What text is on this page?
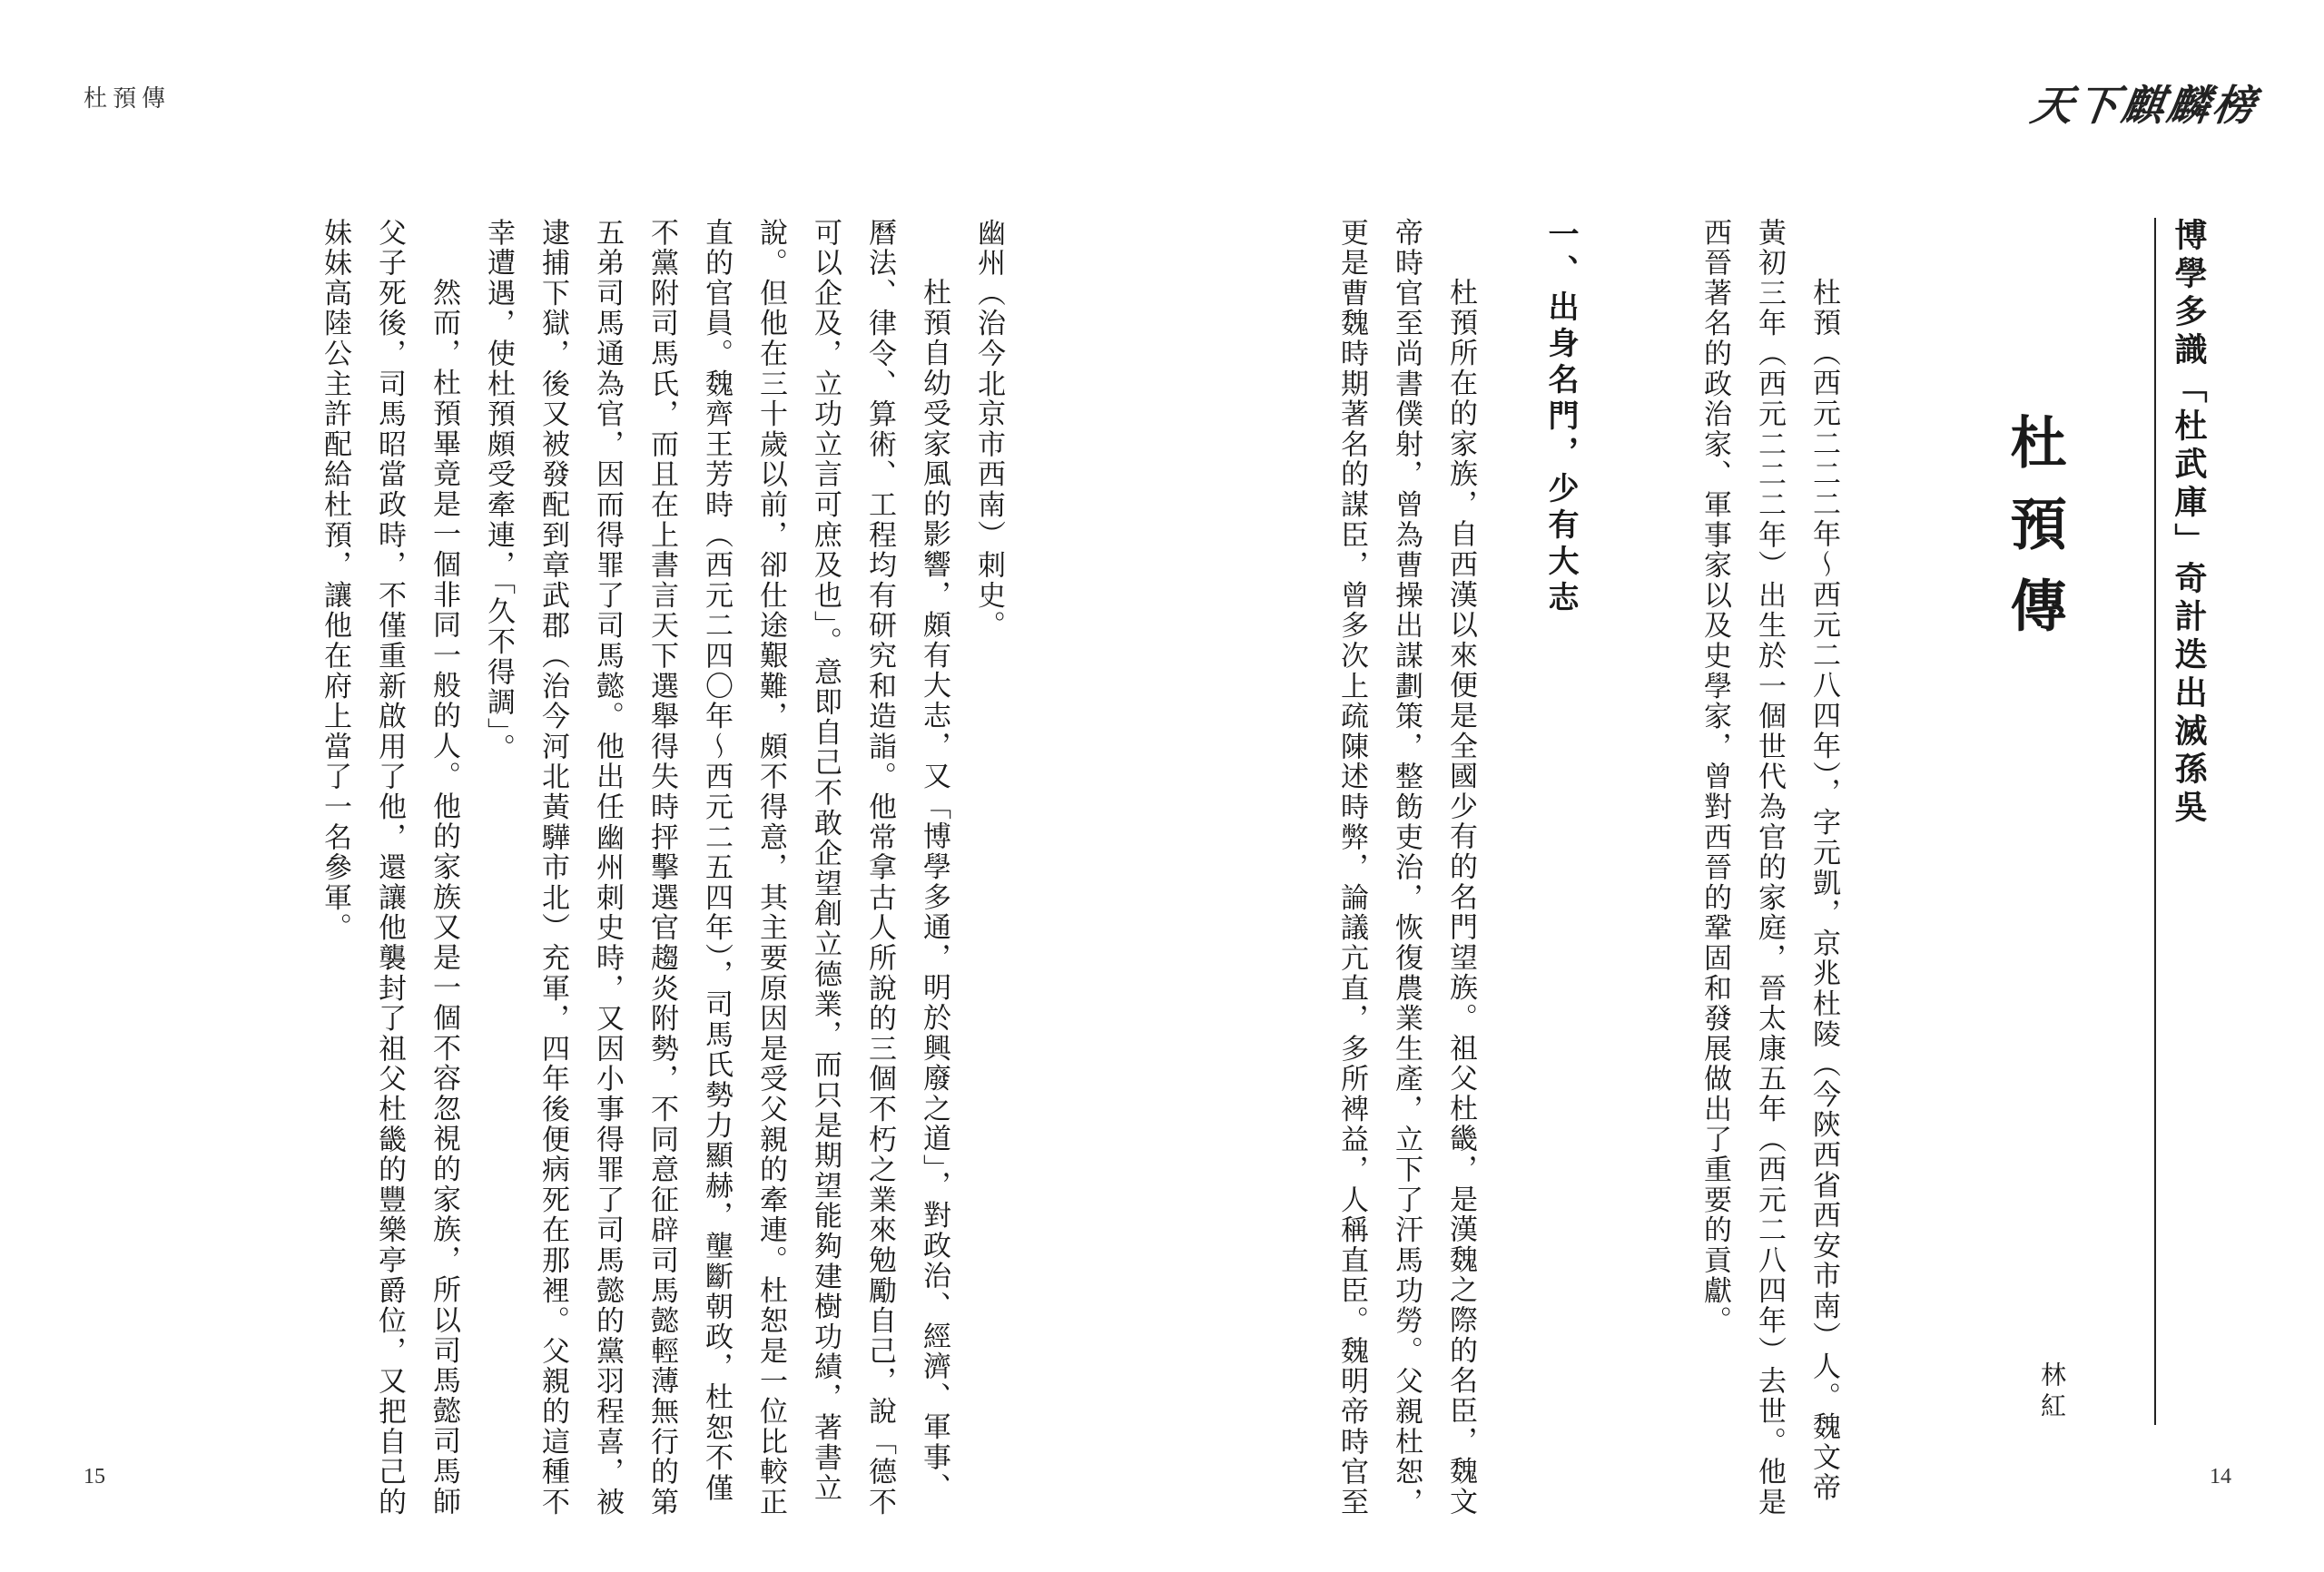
杜預傳

幽州（治今北京市西南）刺史。

杜預自幼受家風的影響，頗有大志，又「博學多通，明於興廢之道」，對政治、經濟、軍事、

曆法、律令、算術、工程均有研究和造詣。他常拿古人所說的三個不朽之業來勉勵自己，說「德不

可以企及，立功立言可庶及也」。意即自己不敢企望創立德業，而只是期望能夠建樹功績，著書立

說。但他在三十歲以前，卻仕途艱難，頗不得意，其主要原因是受父親的牽連。杜恕是一位比較正

直的官員。魏齊王芳時（西元二四〇年～西元二五四年），司馬氏勢力顯赫，壟斷朝政，杜恕不僅

不黨附司馬氏，而且在上書言天下選舉得失時抨擊選官趨炎附勢，不同意征辟司馬懿輕薄無行的第

五弟司馬通為官，因而得罪了司馬懿。他出任幽州刺史時，又因小事得罪了司馬懿的黨羽程喜，被

逮捕下獄，後又被發配到章武郡（治今河北黃驊市北）充軍，四年後便病死在那裡。父親的這種不

幸遭遇，使杜預頗受牽連，「久不得調」。

然而，杜預畢竟是一個非同一般的人。他的家族又是一個不容忽視的家族，所以司馬懿司馬師

父子死後，司馬昭當政時，不僅重新啟用了他，還讓他襲封了祖父杜畿的豐樂亭爵位，又把自己的

妹妹高陸公主許配給杜預，讓他在府上當了一名參軍。

15
天下麒麟榜
14
博學多識「杜武庫」奇計迭出滅孫吳
杜預傳
林紅

杜預（西元二二二年～西元二八四年），字元凱，京兆杜陵（今陝西省西安市南）人。魏文帝

黃初三年（西元二二二年）出生於一個世代為官的家庭，晉太康五年（西元二八四年）去世。他是

西晉著名的政治家、軍事家以及史學家，曾對西晉的鞏固和發展做出了重要的貢獻。

一、出身名門，少有大志

杜預所在的家族，自西漢以來便是全國少有的名門望族。祖父杜畿，是漢魏之際的名臣，魏文

帝時官至尚書僕射，曾為曹操出謀劃策，整飭吏治，恢復農業生產，立下了汗馬功勞。父親杜恕，

更是曹魏時期著名的謀臣，曾多次上疏陳述時弊，論議亢直，多所裨益，人稱直臣。魏明帝時官至
